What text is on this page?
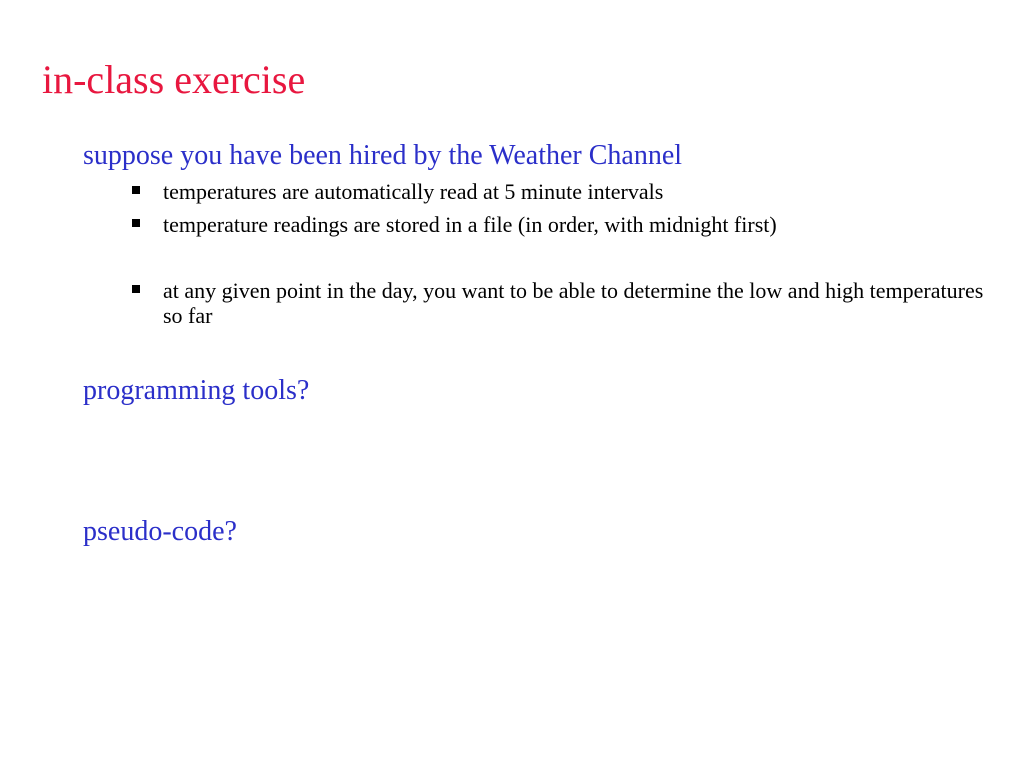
in-class exercise
suppose you have been hired by the Weather Channel
temperatures are automatically read at 5 minute intervals
temperature readings are stored in a file (in order, with midnight first)
at any given point in the day, you want to be able to determine the low and high temperatures so far
programming tools?
pseudo-code?
